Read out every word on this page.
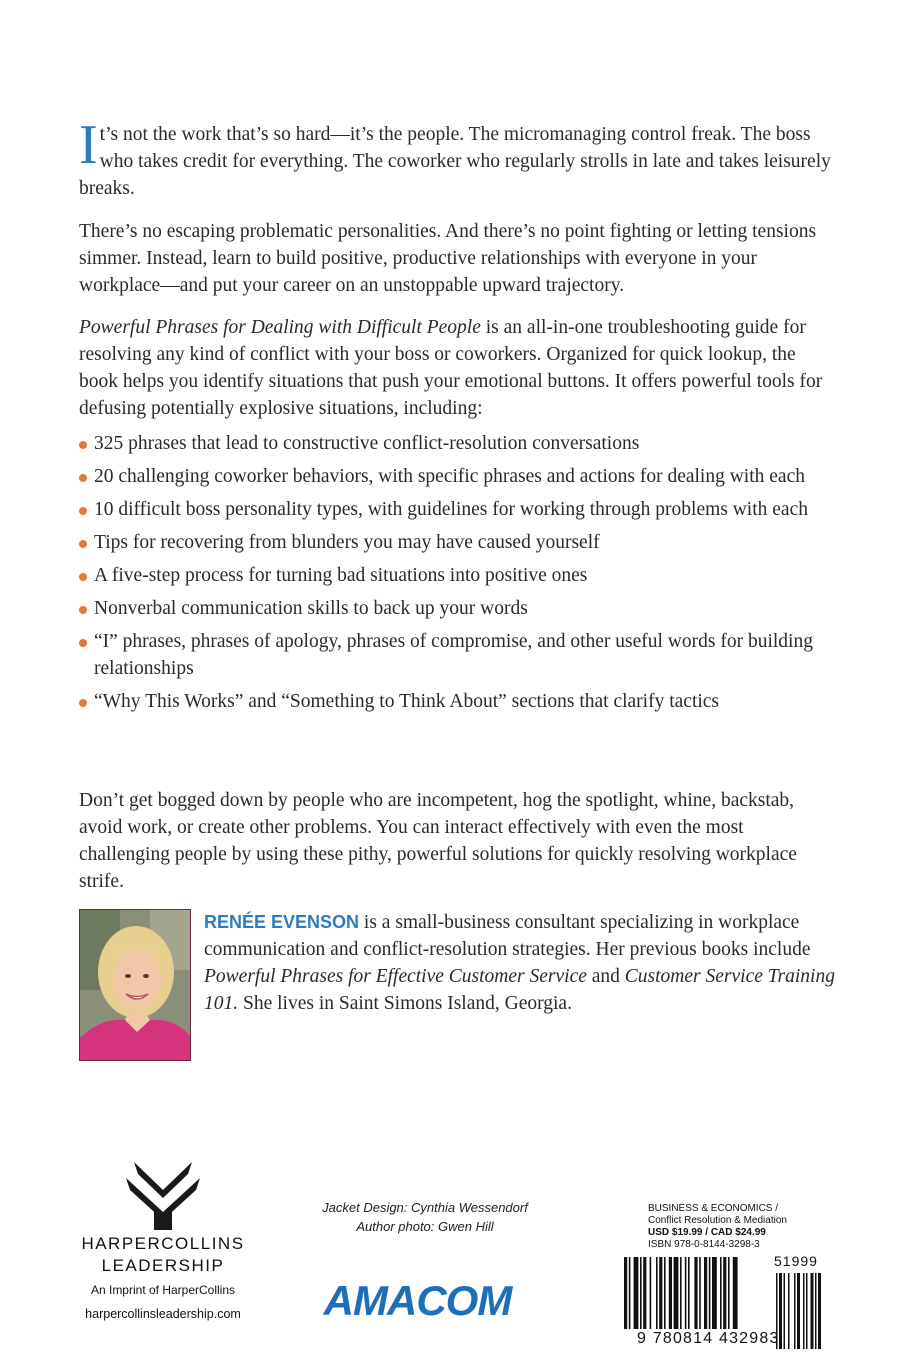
It’s not the work that’s so hard—it’s the people. The micromanaging control freak. The boss who takes credit for everything. The coworker who regularly strolls in late and takes leisurely breaks.

There’s no escaping problematic personalities. And there’s no point fighting or letting tensions simmer. Instead, learn to build positive, productive relationships with everyone in your workplace—and put your career on an unstoppable upward trajectory.

Powerful Phrases for Dealing with Difficult People is an all-in-one troubleshooting guide for resolving any kind of conflict with your boss or coworkers. Organized for quick lookup, the book helps you identify situations that push your emotional buttons. It offers powerful tools for defusing potentially explosive situations, including:

325 phrases that lead to constructive conflict-resolution conversations
20 challenging coworker behaviors, with specific phrases and actions for dealing with each
10 difficult boss personality types, with guidelines for working through problems with each
Tips for recovering from blunders you may have caused yourself
A five-step process for turning bad situations into positive ones
Nonverbal communication skills to back up your words
“I” phrases, phrases of apology, phrases of compromise, and other useful words for building relationships
“Why This Works” and “Something to Think About” sections that clarify tactics

Don’t get bogged down by people who are incompetent, hog the spotlight, whine, backstab, avoid work, or create other problems. You can interact effectively with even the most challenging people by using these pithy, powerful solutions for quickly resolving workplace strife.

RENÉE EVENSON is a small-business consultant specializing in workplace communication and conflict-resolution strategies. Her previous books include Powerful Phrases for Effective Customer Service and Customer Service Training 101. She lives in Saint Simons Island, Georgia.

HARPERCOLLINS
LEADERSHIP
An Imprint of HarperCollins
harpercollinsleadership.com
Jacket Design: Cynthia Wessendorf
Author photo: Gwen Hill
AMACOM
BUSINESS & ECONOMICS /
Conflict Resolution & Mediation
USD $19.99 / CAD $24.99
ISBN 978-0-8144-3298-3
51999
9 780814 432983
